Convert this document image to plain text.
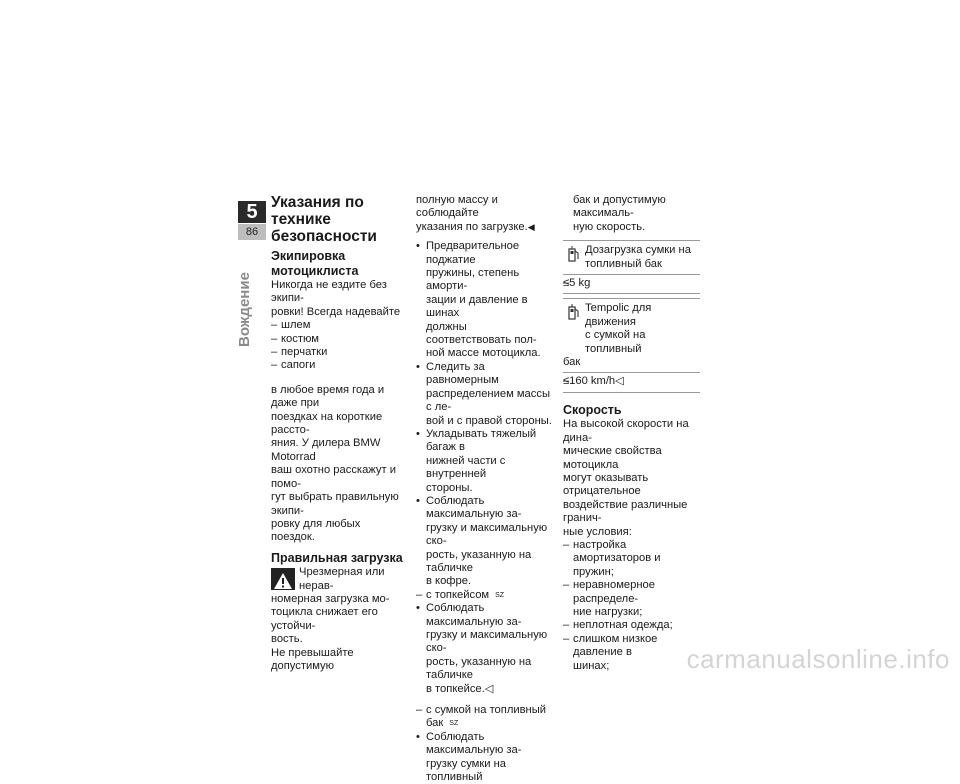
5
86
Вождение
Указания по технике
безопасности
Экипировка
мотоциклиста

Никогда не ездите без экипи-
ровки! Всегда надевайте

– шлем
– костюм
– перчатки
– сапоги

в любое время года и даже при
поездках на короткие рассто-
яния. У дилера BMW Motorrad
ваш охотно расскажут и помо-
гут выбрать правильную экипи-
ровку для любых поездок.

Правильная загрузка
Чрезмерная или нерав-
номерная загрузка мо-
тоцикла снижает его устойчи-
вость.

Не превышайте допустимую

полную массу и соблюдайте
указания по загрузке.◀

• Предварительное поджатие
пружины, степень аморти-
зации и давление в шинах
должны соответствовать пол-
ной массе мотоцикла.
• Следить за равномерным
распределением массы с ле-
вой и с правой стороны.
• Укладывать тяжелый багаж в
нижней части с внутренней
стороны.
• Соблюдать максимальную за-
грузку и максимальную ско-
рость, указанную на табличке
в кофре.
– с топкейсом $^{SZ}$
• Соблюдать максимальную за-
грузку и максимальную ско-
рость, указанную на табличке
в топкейсе.◁
– с сумкой на топливный бак $^{SZ}$
• Соблюдать максимальную за-
грузку сумки на топливный

бак и допустимую максималь-
ную скорость.

Дозагрузка сумки на
топливный бак
– ≤5 kg
Tempolic для движения
с сумкой на топливный
бак
– ≤160 km/h◁
Скорость

На высокой скорости на дина-
мические свойства мотоцикла
могут оказывать отрицательное
воздействие различные гранич-
ные условия:

– настройка амортизаторов и
пружин;
– неравномерное распределе-
ние нагрузки;
– неплотная одежда;
– слишком низкое давление в
шинах;	carmanualsonline.info
